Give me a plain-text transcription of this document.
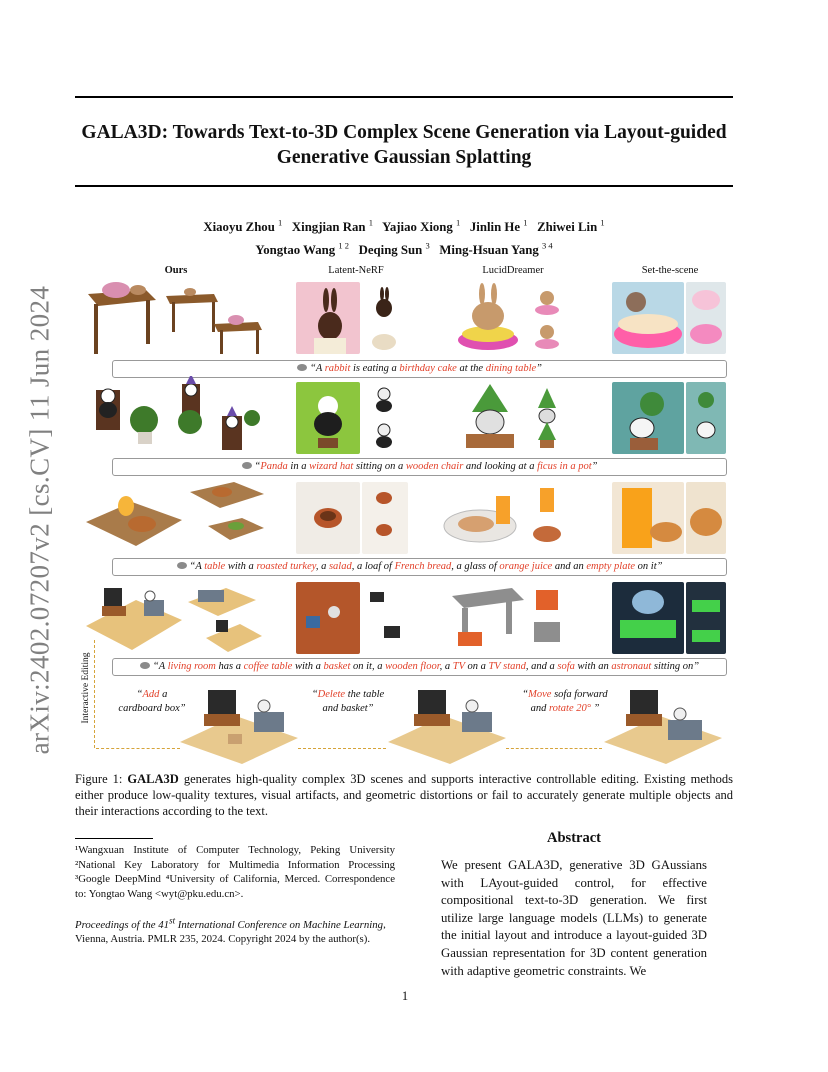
arXiv:2402.07207v2 [cs.CV] 11 Jun 2024
GALA3D: Towards Text-to-3D Complex Scene Generation via Layout-guided
Generative Gaussian Splatting
Xiaoyu Zhou $^1$ Xingjian Ran $^1$ Yajiao Xiong $^1$ Jinlin He $^1$ Zhiwei Lin $^1$
Yongtao Wang $^{1 2}$ Deqing Sun $^3$ Ming-Hsuan Yang $^{3 4}$
Ours	Latent-NeRF	LucidDreamer	Set-the-scene
“A rabbit is eating a birthday cake at the dining table”
“Panda in a wizard hat sitting on a wooden chair and looking at a ficus in a pot”
“A table with a roasted turkey, a salad, a loaf of French bread, a glass of orange juice and an empty plate on it”
“A living room has a coffee table with a basket on it, a wooden floor, a TV on a TV stand, and a sofa with an astronaut sitting on”
Interactive Editing	“Add a
cardboard box”
“Delete the table
and basket”
“Move sofa forward
and rotate 20° ”
Figure 1: GALA3D generates high-quality complex 3D scenes and supports interactive controllable editing. Existing methods either produce low-quality textures, visual artifacts, and geometric distortions or fail to accurately generate multiple objects and their interactions according to the text.
¹Wangxuan Institute of Computer Technology, Peking University ²National Key Laboratory for Multimedia Information Processing ³Google DeepMind ⁴University of California, Merced. Correspondence to: Yongtao Wang <wyt@pku.edu.cn>.
Proceedings of the 41st International Conference on Machine Learning, Vienna, Austria. PMLR 235, 2024. Copyright 2024 by the author(s).
Abstract
We present GALA3D, generative 3D GAussians with LAyout-guided control, for effective compositional text-to-3D generation. We first utilize large language models (LLMs) to generate the initial layout and introduce a layout-guided 3D Gaussian representation for 3D content generation with adaptive geometric constraints. We
1
